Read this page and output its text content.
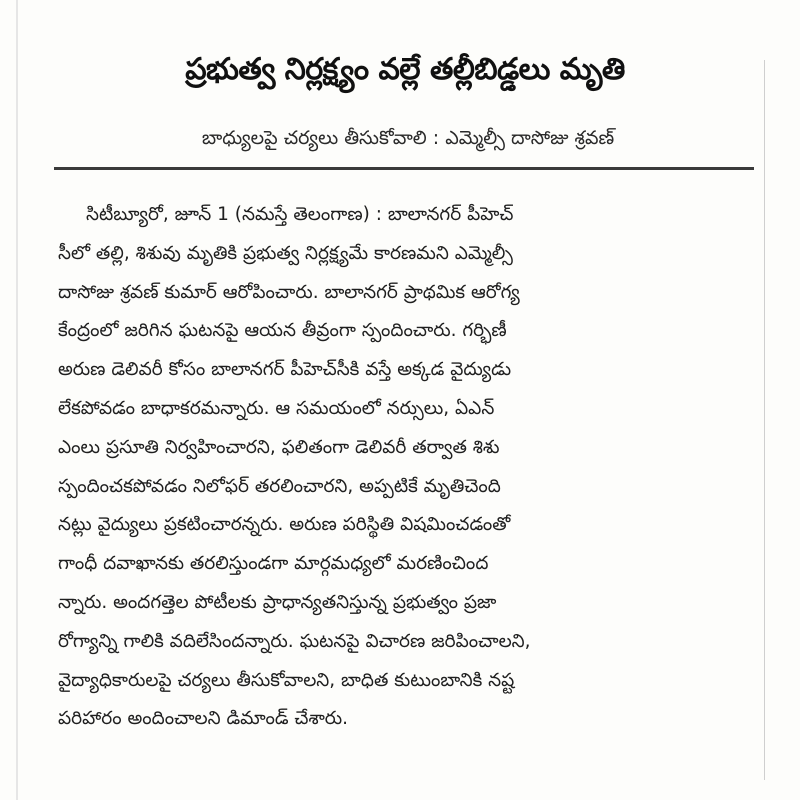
ప్రభుత్వ నిర్లక్ష్యం వల్లే తల్లీబిడ్డలు మృతి
బాధ్యులపై చర్యలు తీసుకోవాలి : ఎమ్మెల్సీ దాసోజు శ్రవణ్
సిటీబ్యూరో, జూన్ 1 (నమస్తే తెలంగాణ) : బాలానగర్ పీహెచ్
సీలో తల్లి, శిశువు మృతికి ప్రభుత్వ నిర్లక్ష్యమే కారణమని ఎమ్మెల్సీ
దాసోజు శ్రవణ్ కుమార్ ఆరోపించారు. బాలానగర్ ప్రాథమిక ఆరోగ్య
కేంద్రంలో జరిగిన ఘటనపై ఆయన తీవ్రంగా స్పందించారు. గర్భిణీ
అరుణ డెలివరీ కోసం బాలానగర్ పీహెచ్‌సీకి వస్తే అక్కడ వైద్యుడు
లేకపోవడం బాధాకరమన్నారు. ఆ సమయంలో నర్సులు, ఏఎన్
ఎంలు ప్రసూతి నిర్వహించారని, ఫలితంగా డెలివరీ తర్వాత శిశు
స్పందించకపోవడం నిలోఫర్ తరలించారని, అప్పటికే మృతిచెంది
నట్లు వైద్యులు ప్రకటించారన్నరు. అరుణ పరిస్థితి విషమించడంతో
గాంధీ దవాఖానకు తరలిస్తుండగా మార్గమధ్యలో మరణించింద
న్నారు. అందగత్తెల పోటీలకు ప్రాధాన్యతనిస్తున్న ప్రభుత్వం ప్రజా
రోగ్యాన్ని గాలికి వదిలేసిందన్నారు. ఘటనపై విచారణ జరిపించాలని,
వైద్యాధికారులపై చర్యలు తీసుకోవాలని, బాధిత కుటుంబానికి నష్ట
పరిహారం అందించాలని డిమాండ్ చేశారు.
